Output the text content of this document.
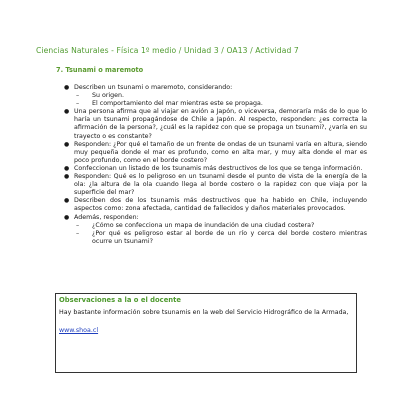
Ciencias Naturales - Física 1º medio / Unidad 3 / OA13 / Actividad 7
7. Tsunami o maremoto
● Describen un tsunami o maremoto, considerando:
– Su origen.
– El comportamiento del mar mientras este se propaga.
● Una persona afirma que al viajar en avión a Japón, o viceversa, demoraría más de lo que lo haría un tsunami propagándose de Chile a Japón. Al respecto, responden: ¿es correcta la afirmación de la persona?, ¿cuál es la rapidez con que se propaga un tsunami?, ¿varía en su trayecto o es constante?
● Responden: ¿Por qué el tamaño de un frente de ondas de un tsunami varía en altura, siendo muy pequeña donde el mar es profundo, como en alta mar, y muy alta donde el mar es poco profundo, como en el borde costero?
● Confeccionan un listado de los tsunamis más destructivos de los que se tenga información.
● Responden: Qué es lo peligroso en un tsunami desde el punto de vista de la energía de la ola: ¿la altura de la ola cuando llega al borde costero o la rapidez con que viaja por la superficie del mar?
● Describen dos de los tsunamis más destructivos que ha habido en Chile, incluyendo aspectos como: zona afectada, cantidad de fallecidos y daños materiales provocados.
● Además, responden:
– ¿Cómo se confecciona un mapa de inundación de una ciudad costera?
– ¿Por qué es peligroso estar al borde de un río y cerca del borde costero mientras ocurre un tsunami?
Observaciones a la o el docente
Hay bastante información sobre tsunamis en la web del Servicio Hidrográfico de la Armada,
www.shoa.cl
